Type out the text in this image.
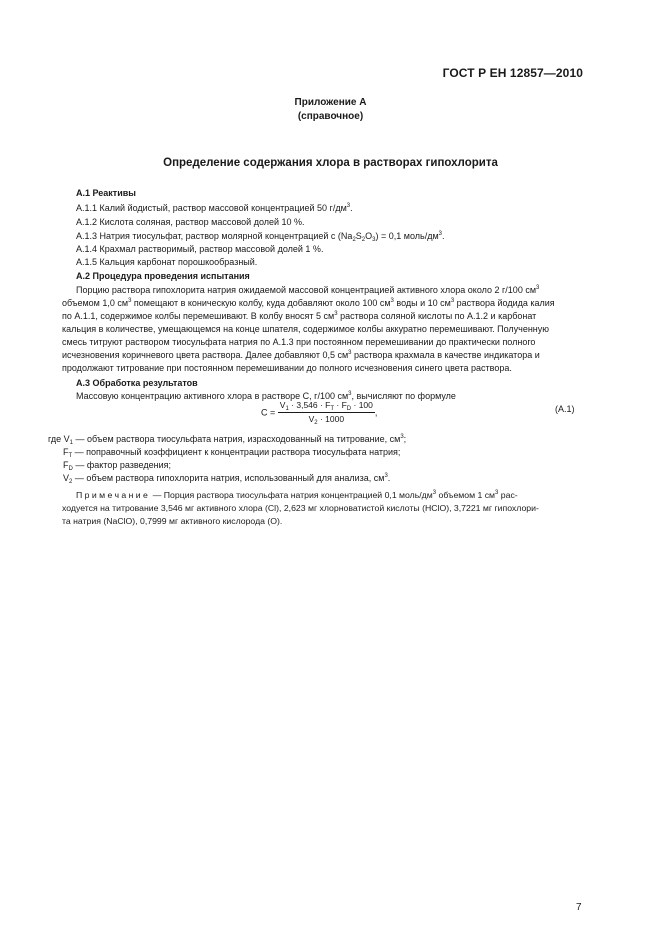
ГОСТ Р ЕН 12857—2010
Приложение А
(справочное)
Определение содержания хлора в растворах гипохлорита
A.1 Реактивы
A.1.1 Калий йодистый, раствор массовой концентрацией 50 $г/дм^3$.
A.1.2 Кислота соляная, раствор массовой долей 10 %.
A.1.3 Натрия тиосульфат, раствор молярной концентрацией c $(Na_2S_2O_3) = 0,1$ моль/$дм^3$.
A.1.4 Крахмал растворимый, раствор массовой долей 1 %.
A.1.5 Кальция карбонат порошкообразный.
A.2 Процедура проведения испытания
Порцию раствора гипохлорита натрия ожидаемой массовой концентрацией активного хлора около 2 г/100 $см^3$
объемом 1,0 $см^3$ помещают в коническую колбу, куда добавляют около 100 $см^3$ воды и 10 $см^3$ раствора йодида калия
по A.1.1, содержимое колбы перемешивают. В колбу вносят 5 $см^3$ раствора соляной кислоты по A.1.2 и карбонат
кальция в количестве, умещающемся на конце шпателя, содержимое колбы аккуратно перемешивают. Полученную
смесь титруют раствором тиосульфата натрия по A.1.3 при постоянном перемешивании до практически полного
исчезновения коричневого цвета раствора. Далее добавляют 0,5 $см^3$ раствора крахмала в качестве индикатора и
продолжают титрование при постоянном перемешивании до полного исчезновения синего цвета раствора.
A.3 Обработка результатов
Массовую концентрацию активного хлора в растворе C, г/100 $см^3$, вычисляют по формуле
$C = \frac{V_1 \cdot 3,546 \cdot F_T \cdot F_D \cdot 100}{V_2 \cdot 1000}$ ,	(A.1)
где $V_1$ — объем раствора тиосульфата натрия, израсходованный на титрование, $см^3$;
$F_T$ — поправочный коэффициент к концентрации раствора тиосульфата натрия;
$F_D$ — фактор разведения;
$V_2$ — объем раствора гипохлорита натрия, использованный для анализа, $см^3$.
Примечание — Порция раствора тиосульфата натрия концентрацией 0,1 моль/$дм^3$ объемом 1 $см^3$ рас-
ходуется на титрование 3,546 мг активного хлора (Cl), 2,623 мг хлорноватистой кислоты (HClO), 3,7221 мг гипохлори-
та натрия (NaClO), 0,7999 мг активного кислорода (O).
7
